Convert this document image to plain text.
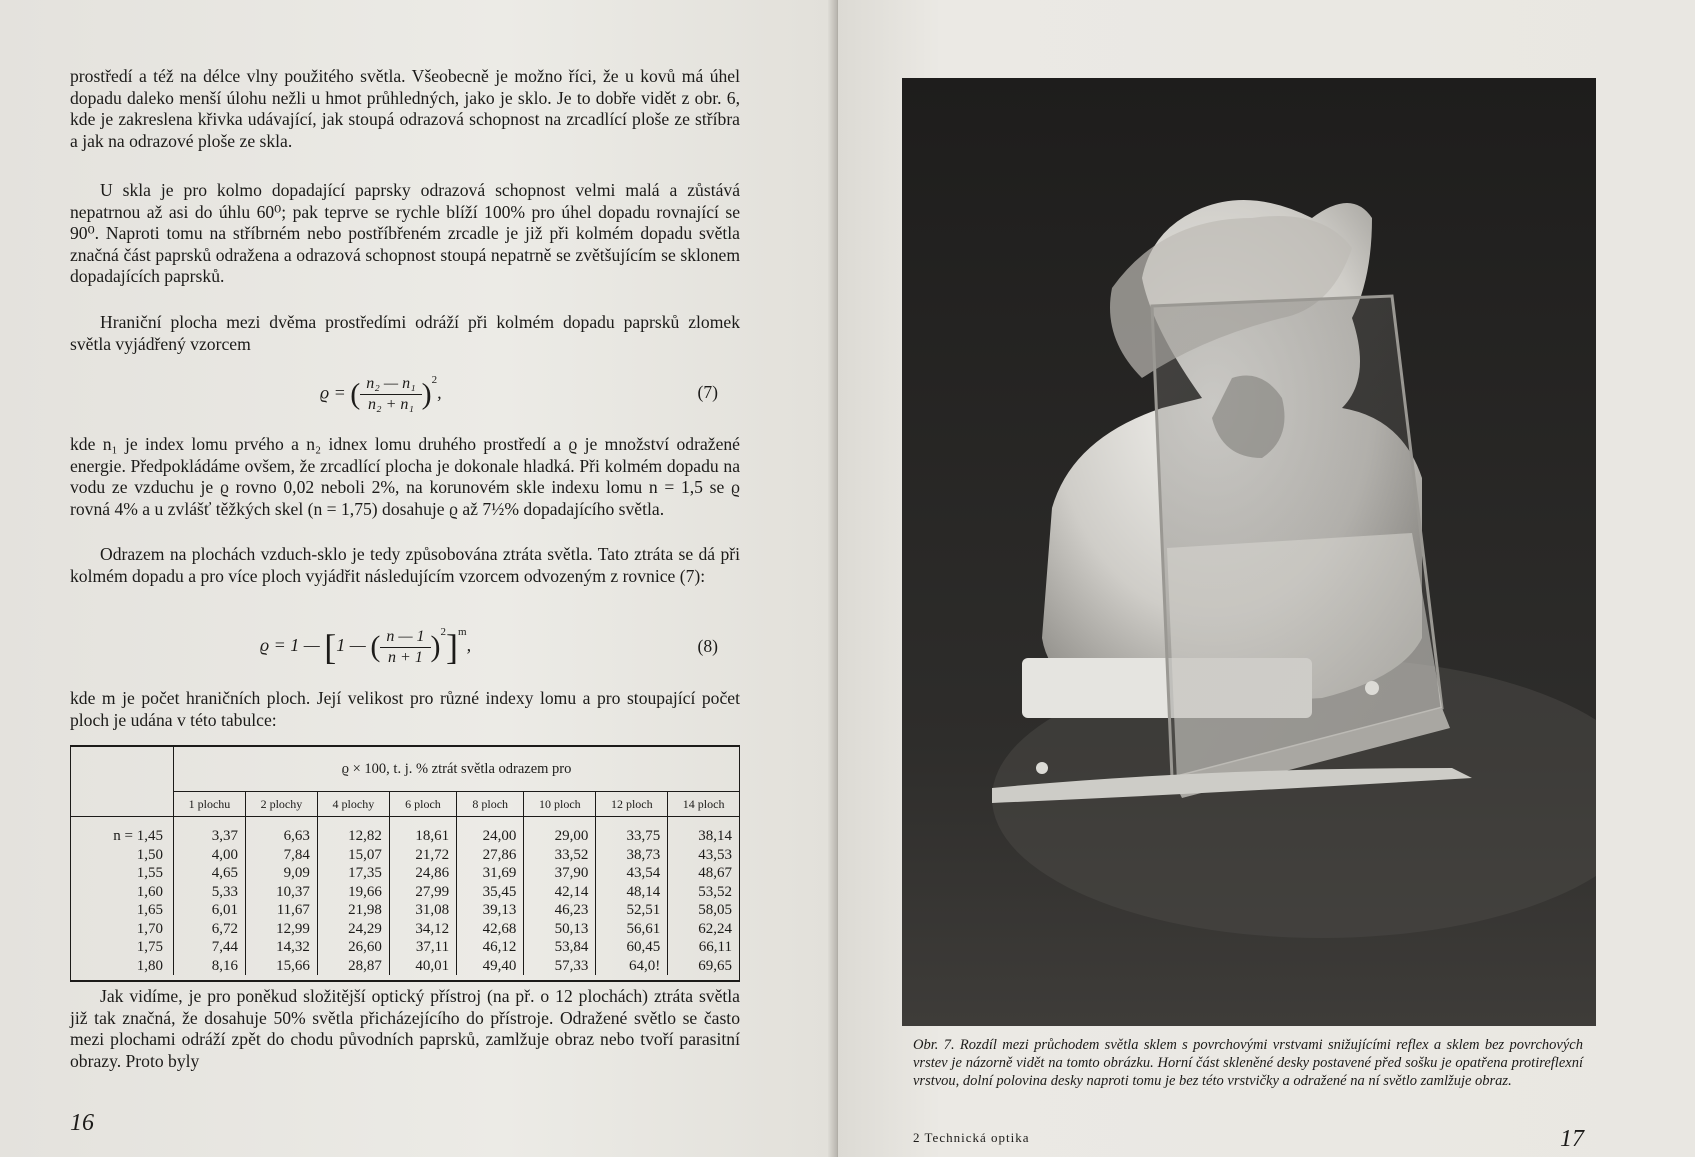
prostředí a též na délce vlny použitého světla. Všeobecně je možno říci, že u kovů má úhel dopadu daleko menší úlohu nežli u hmot průhledných, jako je sklo. Je to dobře vidět z obr. 6, kde je zakreslena křivka udávající, jak stoupá odrazová schopnost na zrcadlící ploše ze stříbra a jak na odrazové ploše ze skla.

U skla je pro kolmo dopadající paprsky odrazová schopnost velmi malá a zůstává nepatrnou až asi do úhlu 60⁰; pak teprve se rychle blíží 100% pro úhel dopadu rovnající se 90⁰. Naproti tomu na stříbrném nebo postříbřeném zrcadle je již při kolmém dopadu světla značná část paprsků odražena a odrazová schopnost stoupá nepatrně se zvětšujícím se sklonem dopadajících paprsků.

Hraniční plocha mezi dvěma prostředími odráží při kolmém dopadu paprsků zlomek světla vyjádřený vzorcem

ϱ = ( $\frac{\text{n₂ — n₁}}{\text{n₂ + n₁}} )^2$,	(7)

kde n₁ je index lomu prvého a n₂ idnex lomu druhého prostředí a ϱ je množství odražené energie. Předpokládáme ovšem, že zrcadlící plocha je dokonale hladká. Při kolmém dopadu na vodu ze vzduchu je ϱ rovno 0,02 neboli 2%, na korunovém skle indexu lomu n = 1,5 se ϱ rovná 4% a u zvlášť těžkých skel (n = 1,75) dosahuje ϱ až 7½% dopadajícího světla.

Odrazem na plochách vzduch-sklo je tedy způsobována ztráta světla. Tato ztráta se dá při kolmém dopadu a pro více ploch vyjádřit následujícím vzorcem odvozeným z rovnice (7):

ϱ = 1 — [1 — ( $\frac{n — 1}{n + 1} )^2]^m$,	(8)

kde m je počet hraničních ploch. Její velikost pro různé indexy lomu a pro stoupající počet ploch je udána v této tabulce:

	ϱ × 100, t. j. % ztrát světla odrazem pro							
	1 plochu	2 plochy	4 plochy	6 ploch	8 ploch	10 ploch	12 ploch	14 ploch
n = 1,45	3,37	6,63	12,82	18,61	24,00	29,00	33,75	38,14
1,50	4,00	7,84	15,07	21,72	27,86	33,52	38,73	43,53
1,55	4,65	9,09	17,35	24,86	31,69	37,90	43,54	48,67
1,60	5,33	10,37	19,66	27,99	35,45	42,14	48,14	53,52
1,65	6,01	11,67	21,98	31,08	39,13	46,23	52,51	58,05
1,70	6,72	12,99	24,29	34,12	42,68	50,13	56,61	62,24
1,75	7,44	14,32	26,60	37,11	46,12	53,84	60,45	66,11
1,80	8,16	15,66	28,87	40,01	49,40	57,33	64,0!	69,65

Jak vidíme, je pro poněkud složitější optický přístroj (na př. o 12 plochách) ztráta světla již tak značná, že dosahuje 50% světla přicházejícího do přístroje. Odražené světlo se často mezi plochami odráží zpět do chodu původních paprsků, zamlžuje obraz nebo tvoří parasitní obrazy. Proto byly

16
Obr. 7. Rozdíl mezi průchodem světla sklem s povrchovými vrstvami snižujícími reflex a sklem bez povrchových vrstev je názorně vidět na tomto obrázku. Horní část skleněné desky postavené před sošku je opatřena protireflexní vrstvou, dolní polovina desky naproti tomu je bez této vrstvičky a odražené na ní světlo zamlžuje obraz.
2 Technická optika	17
